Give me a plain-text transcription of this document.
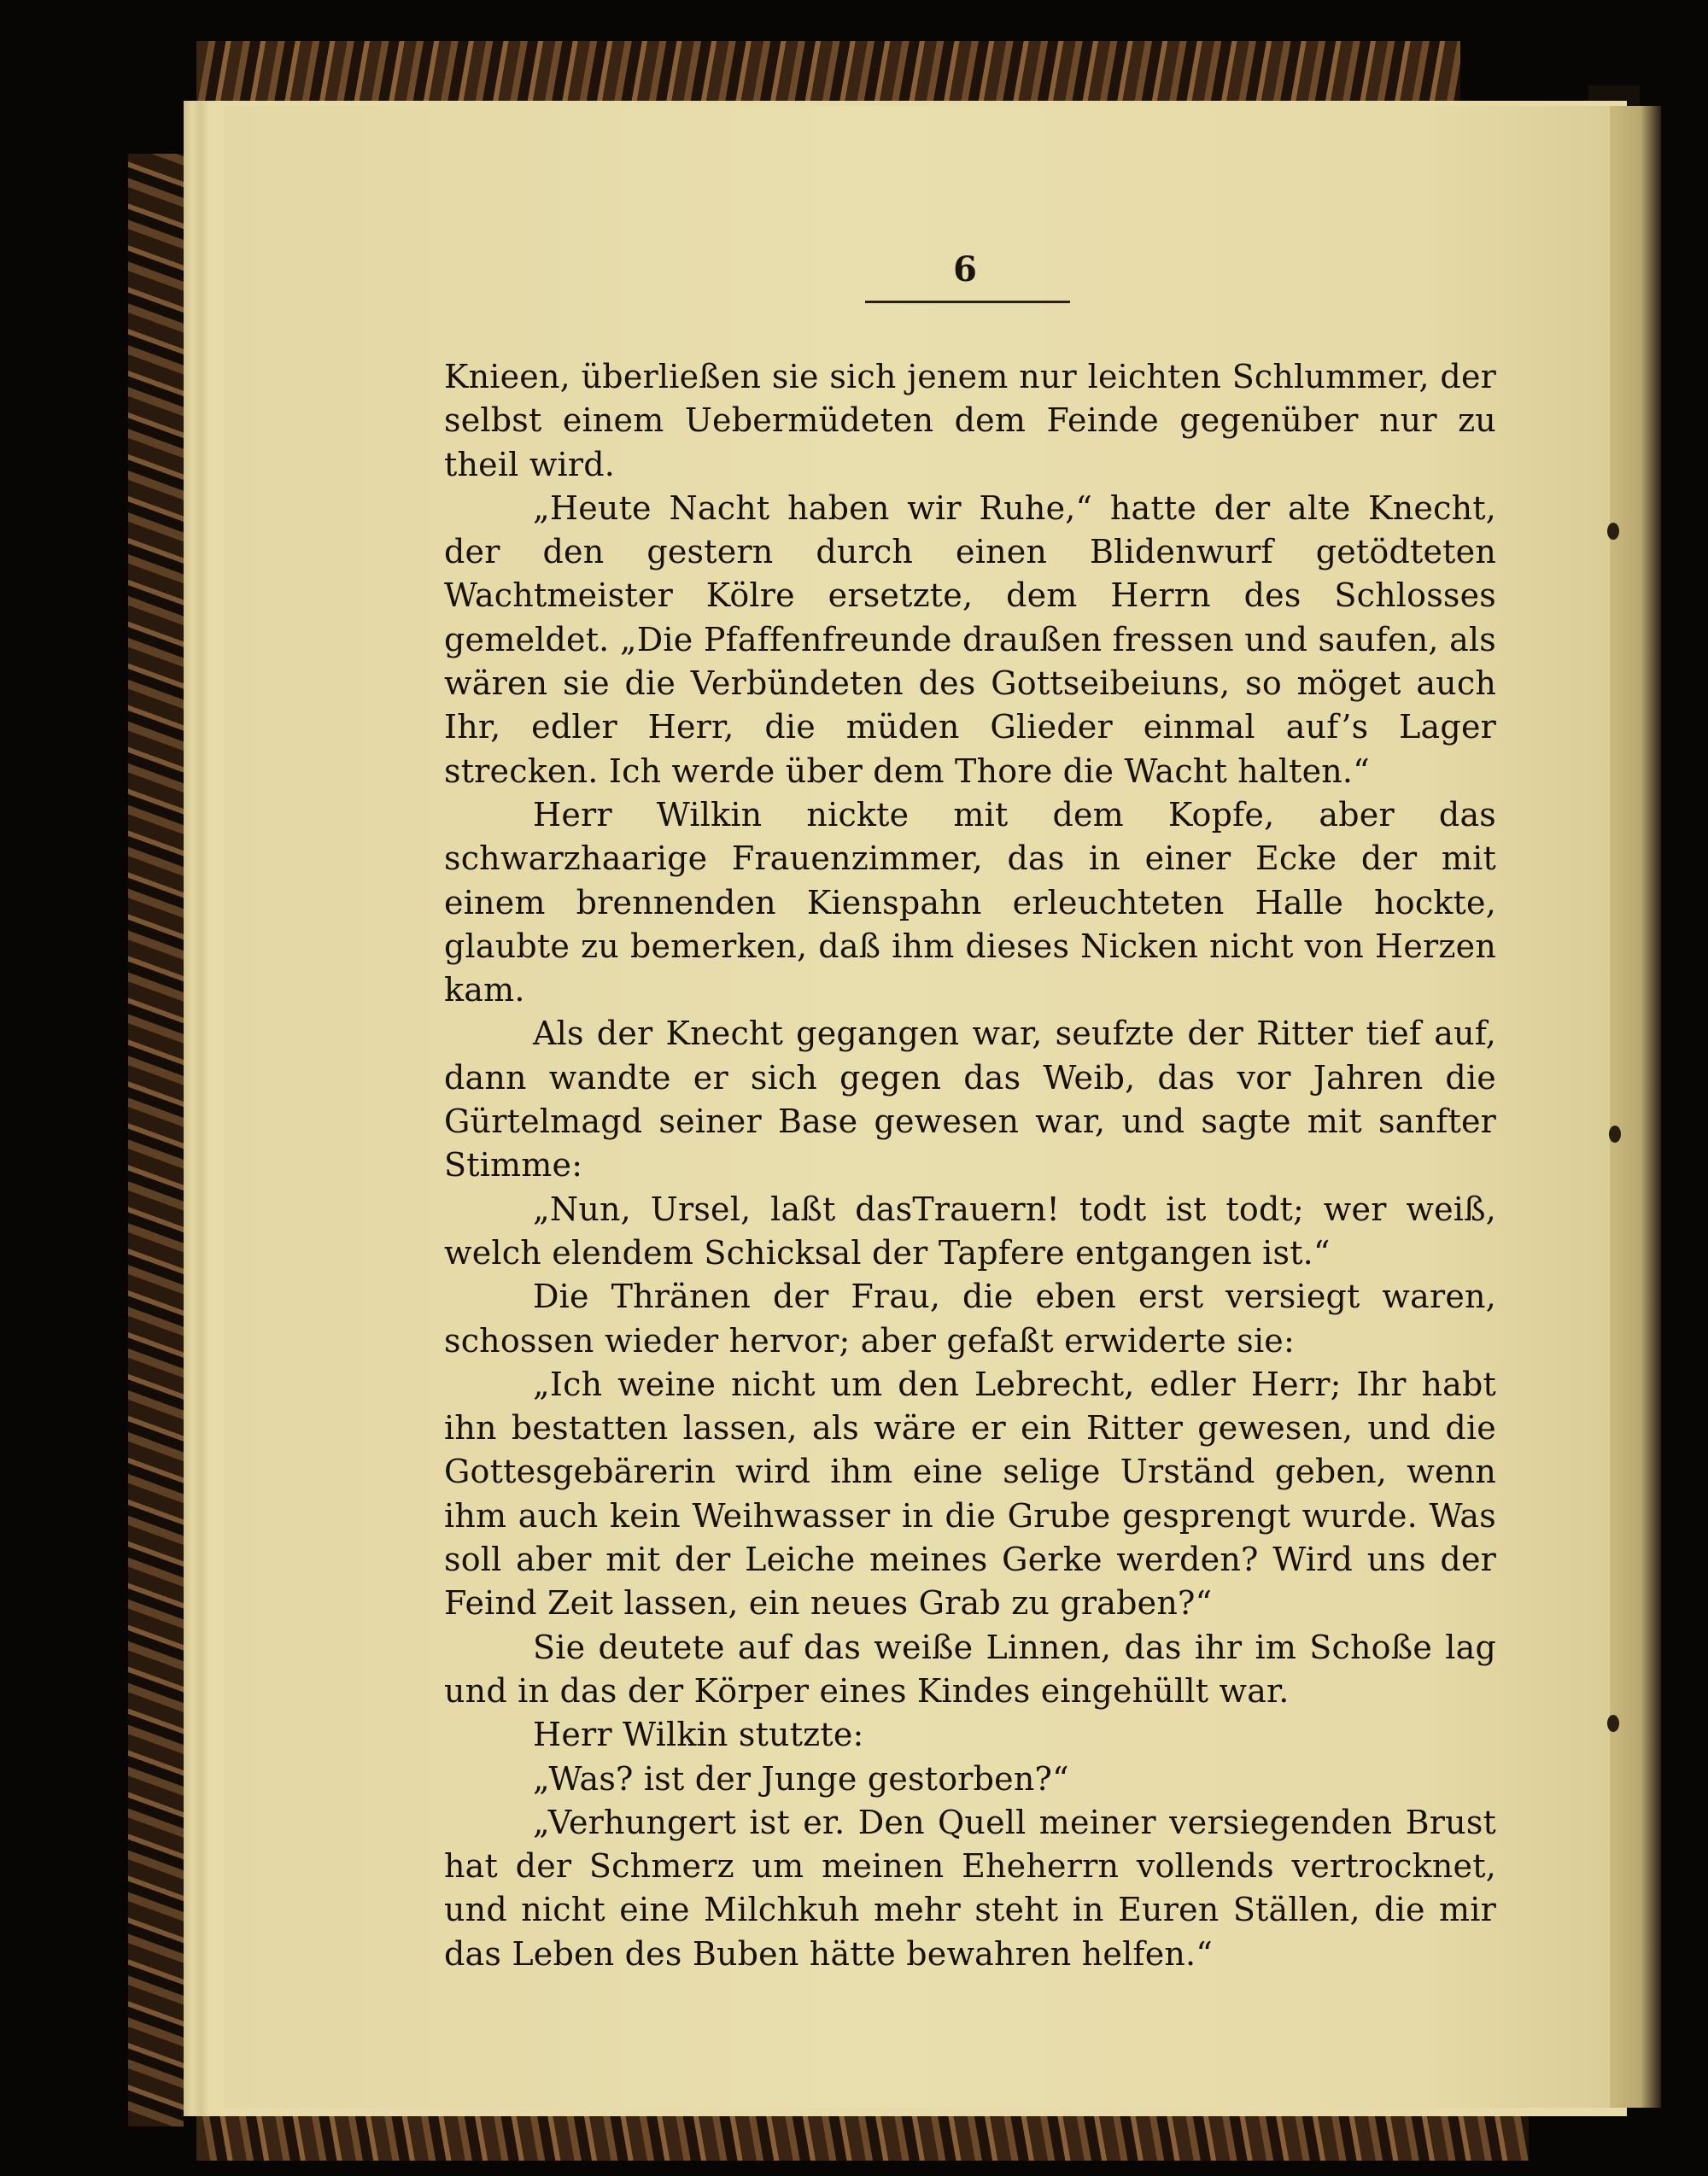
6

Knieen, überließen sie sich jenem nur leichten Schlummer, der selbst einem Uebermüdeten dem Feinde gegenüber nur zu theil wird.

„Heute Nacht haben wir Ruhe,“ hatte der alte Knecht, der den gestern durch einen Blidenwurf getödteten Wachtmeister Kölre ersetzte, dem Herrn des Schlosses gemeldet. „Die Pfaffenfreunde draußen fressen und saufen, als wären sie die Verbündeten des Gottseibeiuns, so möget auch Ihr, edler Herr, die müden Glieder einmal auf’s Lager strecken. Ich werde über dem Thore die Wacht halten.“

Herr Wilkin nickte mit dem Kopfe, aber das schwarzhaarige Frauenzimmer, das in einer Ecke der mit einem brennenden Kienspahn erleuchteten Halle hockte, glaubte zu bemerken, daß ihm dieses Nicken nicht von Herzen kam.

Als der Knecht gegangen war, seufzte der Ritter tief auf, dann wandte er sich gegen das Weib, das vor Jahren die Gürtelmagd seiner Base gewesen war, und sagte mit sanfter Stimme:

„Nun, Ursel, laßt dasTrauern! todt ist todt; wer weiß, welch elendem Schicksal der Tapfere entgangen ist.“

Die Thränen der Frau, die eben erst versiegt waren, schossen wieder hervor; aber gefaßt erwiderte sie:

„Ich weine nicht um den Lebrecht, edler Herr; Ihr habt ihn bestatten lassen, als wäre er ein Ritter gewesen, und die Gottesgebärerin wird ihm eine selige Urständ geben, wenn ihm auch kein Weihwasser in die Grube gesprengt wurde. Was soll aber mit der Leiche meines Gerke werden? Wird uns der Feind Zeit lassen, ein neues Grab zu graben?“

Sie deutete auf das weiße Linnen, das ihr im Schoße lag und in das der Körper eines Kindes eingehüllt war.

Herr Wilkin stutzte:

„Was? ist der Junge gestorben?“

„Verhungert ist er. Den Quell meiner versiegenden Brust hat der Schmerz um meinen Eheherrn vollends vertrocknet, und nicht eine Milchkuh mehr steht in Euren Ställen, die mir das Leben des Buben hätte bewahren helfen.“
